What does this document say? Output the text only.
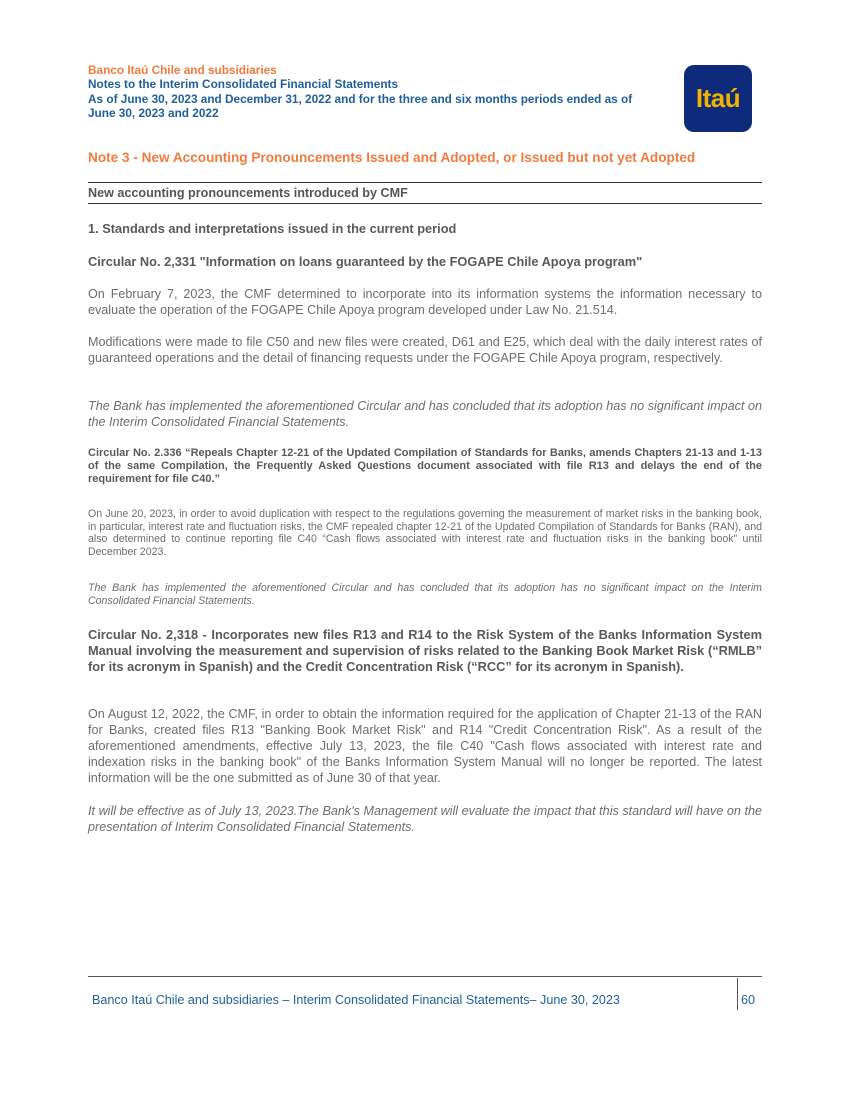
Banco Itaú Chile and subsidiaries
Notes to the Interim Consolidated Financial Statements
As of June 30, 2023 and December 31, 2022 and for the three and six months periods ended as of
June 30, 2023 and 2022
Itaú
Note 3 - New Accounting Pronouncements Issued and Adopted, or Issued but not yet Adopted
New accounting pronouncements introduced by CMF
1. Standards and interpretations issued in the current period
Circular No. 2,331 "Information on loans guaranteed by the FOGAPE Chile Apoya program"
On February 7, 2023, the CMF determined to incorporate into its information systems the information necessary to evaluate the operation of the FOGAPE Chile Apoya program developed under Law No. 21.514.
Modifications were made to file C50 and new files were created, D61 and E25, which deal with the daily interest rates of guaranteed operations and the detail of financing requests under the FOGAPE Chile Apoya program, respectively.
The Bank has implemented the aforementioned Circular and has concluded that its adoption has no significant impact on the Interim Consolidated Financial Statements.
Circular No. 2.336 “Repeals Chapter 12-21 of the Updated Compilation of Standards for Banks, amends Chapters 21-13 and 1-13 of the same Compilation, the Frequently Asked Questions document associated with file R13 and delays the end of the requirement for file C40.”
On June 20, 2023, in order to avoid duplication with respect to the regulations governing the measurement of market risks in the banking book, in particular, interest rate and fluctuation risks, the CMF repealed chapter 12-21 of the Updated Compilation of Standards for Banks (RAN), and also determined to continue reporting file C40 “Cash flows associated with interest rate and fluctuation risks in the banking book” until December 2023.
The Bank has implemented the aforementioned Circular and has concluded that its adoption has no significant impact on the Interim Consolidated Financial Statements.
Circular No. 2,318 - Incorporates new files R13 and R14 to the Risk System of the Banks Information System Manual involving the measurement and supervision of risks related to the Banking Book Market Risk (“RMLB” for its acronym in Spanish) and the Credit Concentration Risk (“RCC” for its acronym in Spanish).
On August 12, 2022, the CMF, in order to obtain the information required for the application of Chapter 21-13 of the RAN for Banks, created files R13 "Banking Book Market Risk" and R14 "Credit Concentration Risk". As a result of the aforementioned amendments, effective July 13, 2023, the file C40 "Cash flows associated with interest rate and indexation risks in the banking book" of the Banks Information System Manual will no longer be reported. The latest information will be the one submitted as of June 30 of that year.
It will be effective as of July 13, 2023.The Bank's Management will evaluate the impact that this standard will have on the presentation of Interim Consolidated Financial Statements.
Banco Itaú Chile and subsidiaries – Interim Consolidated Financial Statements– June 30, 2023	60
